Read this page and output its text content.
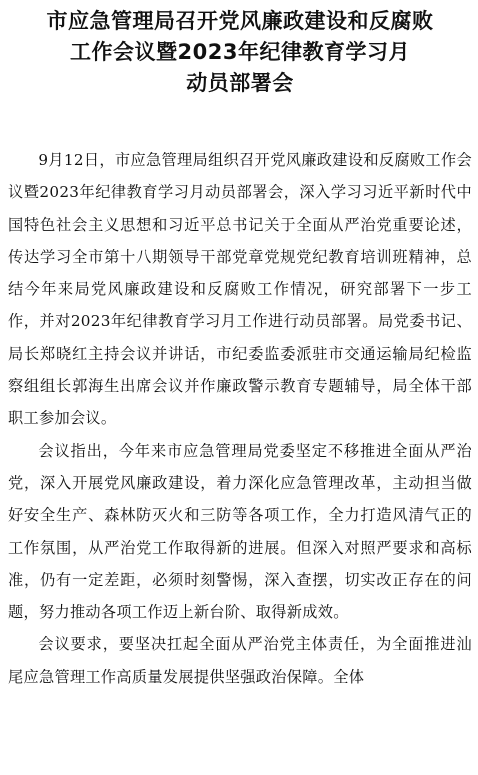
市应急管理局召开党风廉政建设和反腐败
工作会议暨2023年纪律教育学习月
动员部署会

9月12日，市应急管理局组织召开党风廉政建设和反腐败工作会议暨2023年纪律教育学习月动员部署会，深入学习习近平新时代中国特色社会主义思想和习近平总书记关于全面从严治党重要论述，传达学习全市第十八期领导干部党章党规党纪教育培训班精神，总结今年来局党风廉政建设和反腐败工作情况，研究部署下一步工作，并对2023年纪律教育学习月工作进行动员部署。局党委书记、局长郑晓红主持会议并讲话，市纪委监委派驻市交通运输局纪检监察组组长郭海生出席会议并作廉政警示教育专题辅导，局全体干部职工参加会议。

会议指出，今年来市应急管理局党委坚定不移推进全面从严治党，深入开展党风廉政建设，着力深化应急管理改革，主动担当做好安全生产、森林防灭火和三防等各项工作，全力打造风清气正的工作氛围，从严治党工作取得新的进展。但深入对照严要求和高标准，仍有一定差距，必须时刻警惕，深入查摆，切实改正存在的问题，努力推动各项工作迈上新台阶、取得新成效。

会议要求，要坚决扛起全面从严治党主体责任，为全面推进汕尾应急管理工作高质量发展提供坚强政治保障。全体
